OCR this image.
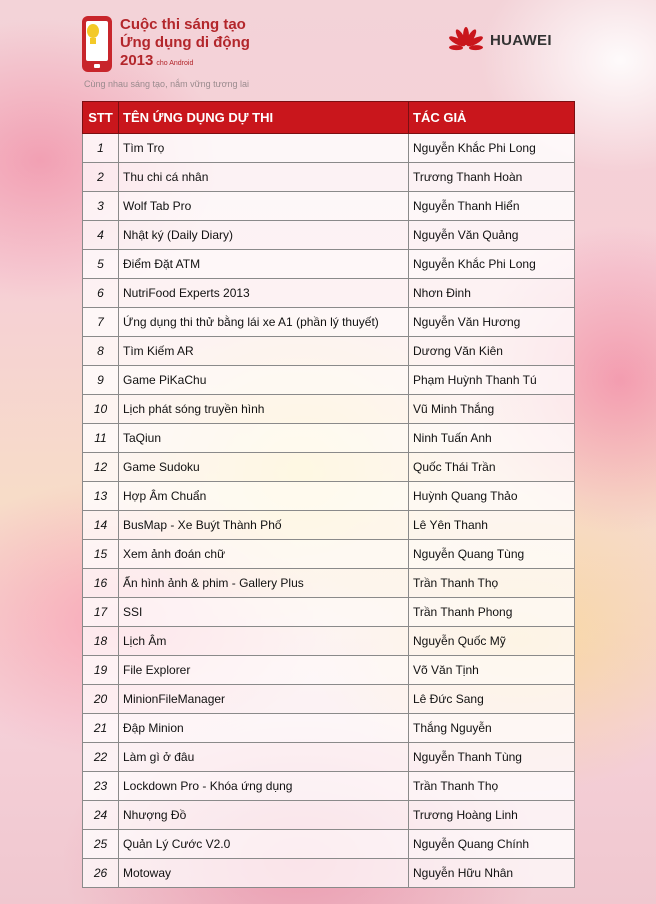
Cuộc thi sáng tạo
Ứng dụng di động
2013 cho Android
Cùng nhau sáng tạo, nắm vững tương lai
HUAWEI
STT	TÊN ỨNG DỤNG DỰ THI	TÁC GIẢ
1	Tìm Trọ	Nguyễn Khắc Phi Long
2	Thu chi cá nhân	Trương Thanh Hoàn
3	Wolf Tab Pro	Nguyễn Thanh Hiển
4	Nhật ký (Daily Diary)	Nguyễn Văn Quảng
5	Điểm Đặt ATM	Nguyễn Khắc Phi Long
6	NutriFood Experts 2013	Nhơn Đinh
7	Ứng dụng thi thử bằng lái xe A1 (phần lý thuyết)	Nguyễn Văn Hương
8	Tìm Kiếm AR	Dương Văn Kiên
9	Game PiKaChu	Phạm Huỳnh Thanh Tú
10	Lịch phát sóng truyền hình	Vũ Minh Thắng
11	TaQiun	Ninh Tuấn Anh
12	Game Sudoku	Quốc Thái Trần
13	Hợp Âm Chuẩn	Huỳnh Quang Thảo
14	BusMap - Xe Buýt Thành Phố	Lê Yên Thanh
15	Xem ảnh đoán chữ	Nguyễn Quang Tùng
16	Ẩn hình ảnh & phim - Gallery Plus	Trần Thanh Thọ
17	SSI	Trần Thanh Phong
18	Lịch Âm	Nguyễn Quốc Mỹ
19	File Explorer	Võ Văn Tịnh
20	MinionFileManager	Lê Đức Sang
21	Đập Minion	Thắng Nguyễn
22	Làm gì ở đâu	Nguyễn Thanh Tùng
23	Lockdown Pro - Khóa ứng dụng	Trần Thanh Thọ
24	Nhượng Đồ	Trương Hoàng Linh
25	Quản Lý Cước V2.0	Nguyễn Quang Chính
26	Motoway	Nguyễn Hữu Nhân
